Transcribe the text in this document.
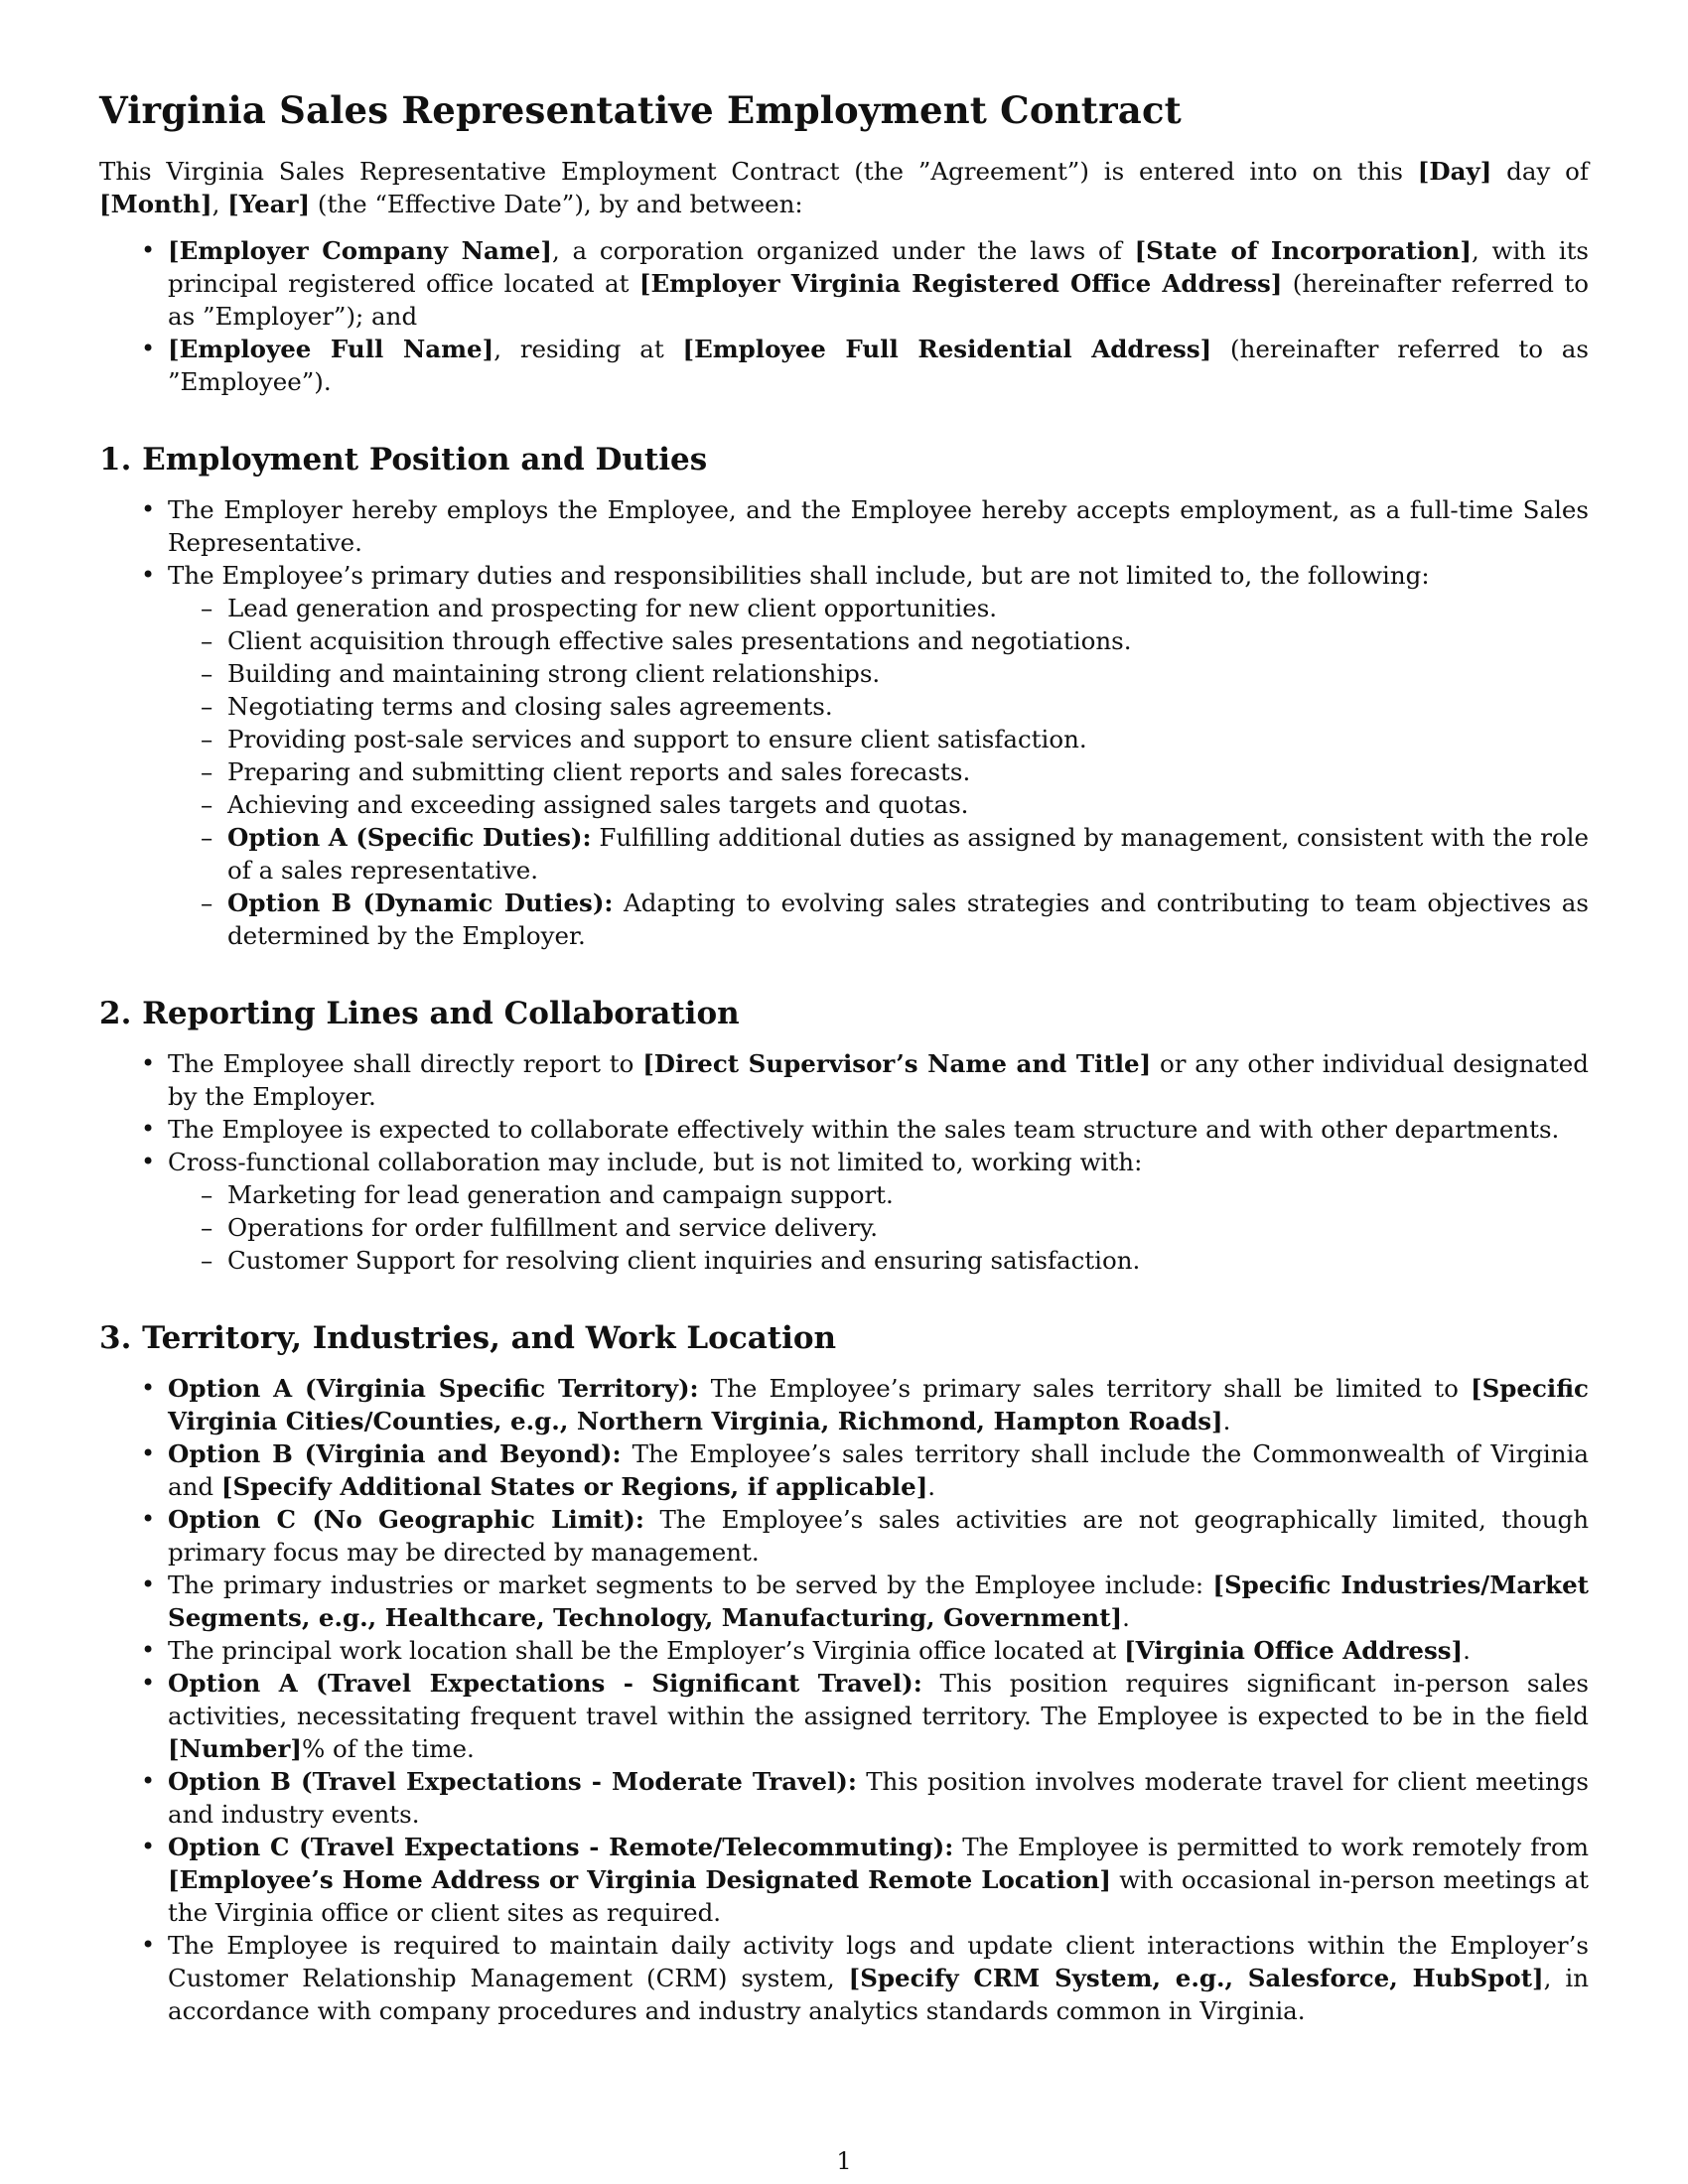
Virginia Sales Representative Employment Contract

This Virginia Sales Representative Employment Contract (the ”Agreement”) is entered into on this [Day] day of [Month], [Year] (the “Effective Date”), by and between:

• [Employer Company Name], a corporation organized under the laws of [State of Incorporation], with its principal registered office located at [Employer Virginia Registered Office Address] (hereinafter referred to as ”Employer”); and
• [Employee Full Name], residing at [Employee Full Residential Address] (hereinafter referred to as ”Employee”).
1. Employment Position and Duties
• The Employer hereby employs the Employee, and the Employee hereby accepts employment, as a full-time Sales Representative.
• The Employee’s primary duties and responsibilities shall include, but are not limited to, the following:
– Lead generation and prospecting for new client opportunities.
– Client acquisition through effective sales presentations and negotiations.
– Building and maintaining strong client relationships.
– Negotiating terms and closing sales agreements.
– Providing post-sale services and support to ensure client satisfaction.
– Preparing and submitting client reports and sales forecasts.
– Achieving and exceeding assigned sales targets and quotas.
– Option A (Specific Duties): Fulfilling additional duties as assigned by management, consistent with the role of a sales representative.
– Option B (Dynamic Duties): Adapting to evolving sales strategies and contributing to team objectives as determined by the Employer.
2. Reporting Lines and Collaboration
• The Employee shall directly report to [Direct Supervisor’s Name and Title] or any other individual designated by the Employer.
• The Employee is expected to collaborate effectively within the sales team structure and with other departments.
• Cross-functional collaboration may include, but is not limited to, working with:
– Marketing for lead generation and campaign support.
– Operations for order fulfillment and service delivery.
– Customer Support for resolving client inquiries and ensuring satisfaction.
3. Territory, Industries, and Work Location
• Option A (Virginia Specific Territory): The Employee’s primary sales territory shall be limited to [Specific Virginia Cities/Counties, e.g., Northern Virginia, Richmond, Hampton Roads].
• Option B (Virginia and Beyond): The Employee’s sales territory shall include the Commonwealth of Virginia and [Specify Additional States or Regions, if applicable].
• Option C (No Geographic Limit): The Employee’s sales activities are not geographically limited, though primary focus may be directed by management.
• The primary industries or market segments to be served by the Employee include: [Specific Industries/Market Segments, e.g., Healthcare, Technology, Manufacturing, Government].
• The principal work location shall be the Employer’s Virginia office located at [Virginia Office Address].
• Option A (Travel Expectations - Significant Travel): This position requires significant in-person sales activities, necessitating frequent travel within the assigned territory. The Employee is expected to be in the field [Number]% of the time.
• Option B (Travel Expectations - Moderate Travel): This position involves moderate travel for client meetings and industry events.
• Option C (Travel Expectations - Remote/Telecommuting): The Employee is permitted to work remotely from [Employee’s Home Address or Virginia Designated Remote Location] with occasional in-person meetings at the Virginia office or client sites as required.
• The Employee is required to maintain daily activity logs and update client interactions within the Employer’s Customer Relationship Management (CRM) system, [Specify CRM System, e.g., Salesforce, HubSpot], in accordance with company procedures and industry analytics standards common in Virginia.
1
